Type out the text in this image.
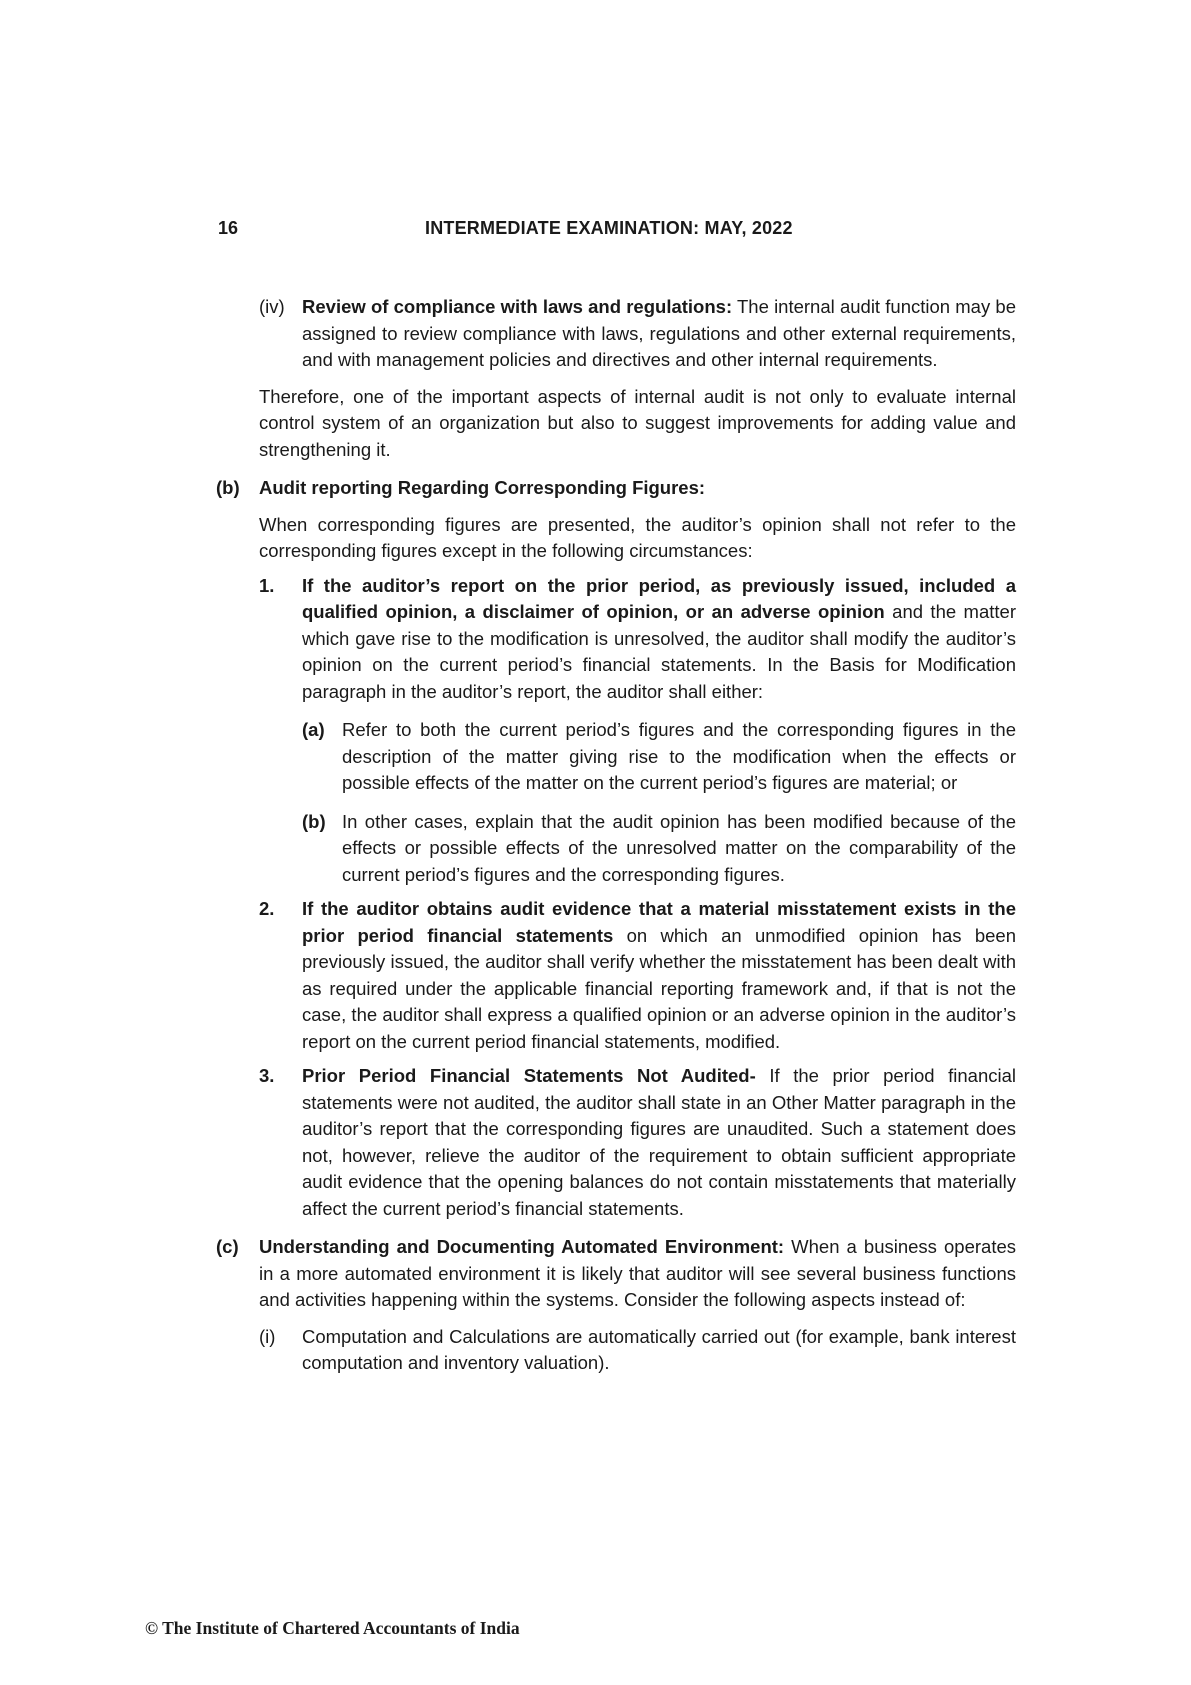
16	INTERMEDIATE EXAMINATION: MAY, 2022
(iv) Review of compliance with laws and regulations: The internal audit function may be assigned to review compliance with laws, regulations and other external requirements, and with management policies and directives and other internal requirements.

Therefore, one of the important aspects of internal audit is not only to evaluate internal control system of an organization but also to suggest improvements for adding value and strengthening it.

(b)	Audit reporting Regarding Corresponding Figures:

When corresponding figures are presented, the auditor’s opinion shall not refer to the corresponding figures except in the following circumstances:

1.	If the auditor’s report on the prior period, as previously issued, included a qualified opinion, a disclaimer of opinion, or an adverse opinion and the matter which gave rise to the modification is unresolved, the auditor shall modify the auditor’s opinion on the current period’s financial statements. In the Basis for Modification paragraph in the auditor’s report, the auditor shall either:

(a) Refer to both the current period’s figures and the corresponding figures in the description of the matter giving rise to the modification when the effects or possible effects of the matter on the current period’s figures are material; or
(b) In other cases, explain that the audit opinion has been modified because of the effects or possible effects of the unresolved matter on the comparability of the current period’s figures and the corresponding figures.
2.	If the auditor obtains audit evidence that a material misstatement exists in the prior period financial statements on which an unmodified opinion has been previously issued, the auditor shall verify whether the misstatement has been dealt with as required under the applicable financial reporting framework and, if that is not the case, the auditor shall express a qualified opinion or an adverse opinion in the auditor’s report on the current period financial statements, modified.

3.	Prior Period Financial Statements Not Audited- If the prior period financial statements were not audited, the auditor shall state in an Other Matter paragraph in the auditor’s report that the corresponding figures are unaudited. Such a statement does not, however, relieve the auditor of the requirement to obtain sufficient appropriate audit evidence that the opening balances do not contain misstatements that materially affect the current period’s financial statements.

(c)	Understanding and Documenting Automated Environment: When a business operates in a more automated environment it is likely that auditor will see several business functions and activities happening within the systems. Consider the following aspects instead of:

(i)	Computation and Calculations are automatically carried out (for example, bank interest computation and inventory valuation).
© The Institute of Chartered Accountants of India
